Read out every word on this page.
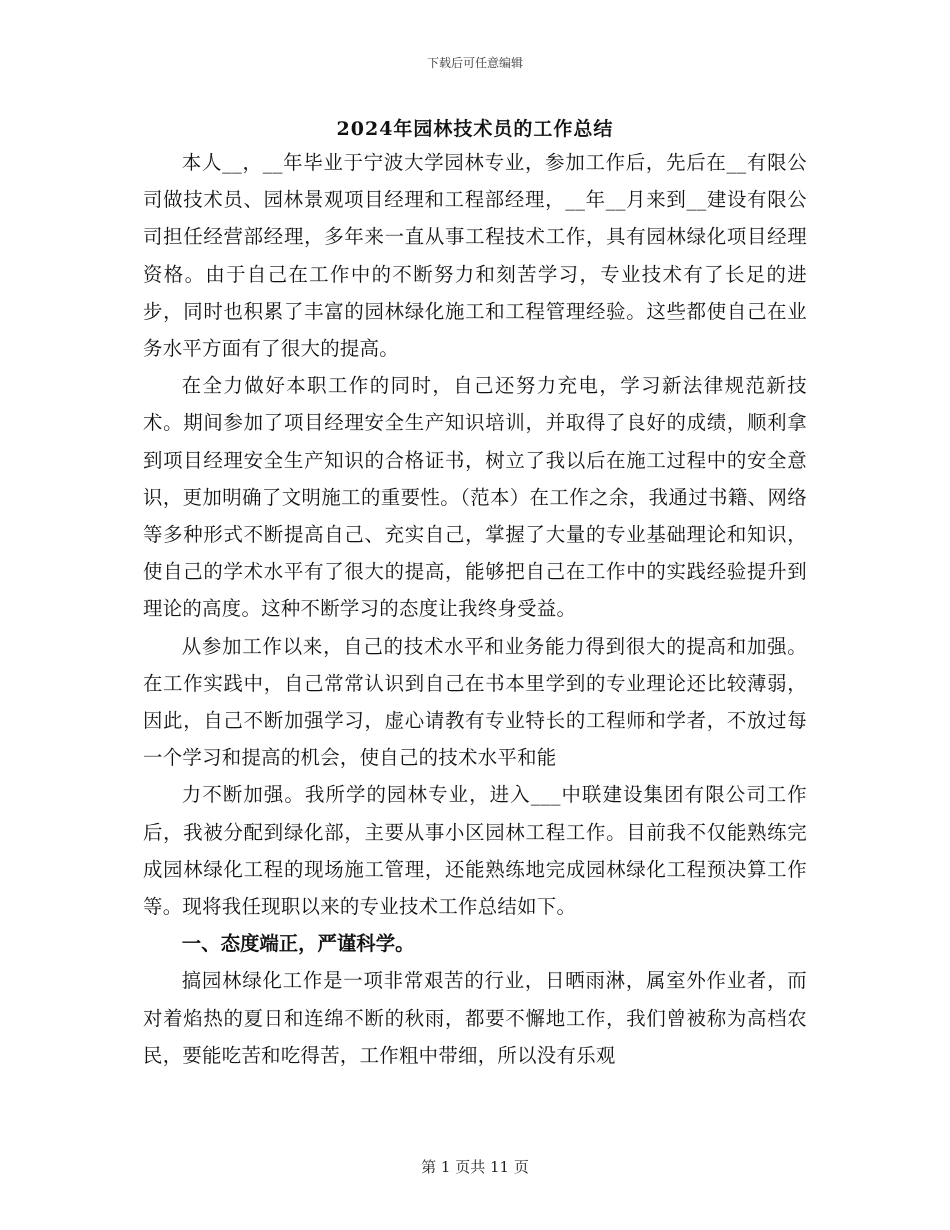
下载后可任意编辑
2024年园林技术员的工作总结

本人__，__年毕业于宁波大学园林专业，参加工作后，先后在__有限公司做技术员、园林景观项目经理和工程部经理，__年__月来到__建设有限公司担任经营部经理，多年来一直从事工程技术工作，具有园林绿化项目经理资格。由于自己在工作中的不断努力和刻苦学习，专业技术有了长足的进步，同时也积累了丰富的园林绿化施工和工程管理经验。这些都使自己在业务水平方面有了很大的提高。

在全力做好本职工作的同时，自己还努力充电，学习新法律规范新技术。期间参加了项目经理安全生产知识培训，并取得了良好的成绩，顺利拿到项目经理安全生产知识的合格证书，树立了我以后在施工过程中的安全意识，更加明确了文明施工的重要性。（范本）在工作之余，我通过书籍、网络等多种形式不断提高自己、充实自己，掌握了大量的专业基础理论和知识，使自己的学术水平有了很大的提高，能够把自己在工作中的实践经验提升到理论的高度。这种不断学习的态度让我终身受益。

从参加工作以来，自己的技术水平和业务能力得到很大的提高和加强。在工作实践中，自己常常认识到自己在书本里学到的专业理论还比较薄弱，因此，自己不断加强学习，虚心请教有专业特长的工程师和学者，不放过每一个学习和提高的机会，使自己的技术水平和能

力不断加强。我所学的园林专业，进入___中联建设集团有限公司工作后，我被分配到绿化部，主要从事小区园林工程工作。目前我不仅能熟练完成园林绿化工程的现场施工管理，还能熟练地完成园林绿化工程预决算工作等。现将我任现职以来的专业技术工作总结如下。

一、态度端正，严谨科学。

搞园林绿化工作是一项非常艰苦的行业，日晒雨淋，属室外作业者，而对着焰热的夏日和连绵不断的秋雨，都要不懈地工作，我们曾被称为高档农民，要能吃苦和吃得苦，工作粗中带细，所以没有乐观

第 1 页共 11 页
